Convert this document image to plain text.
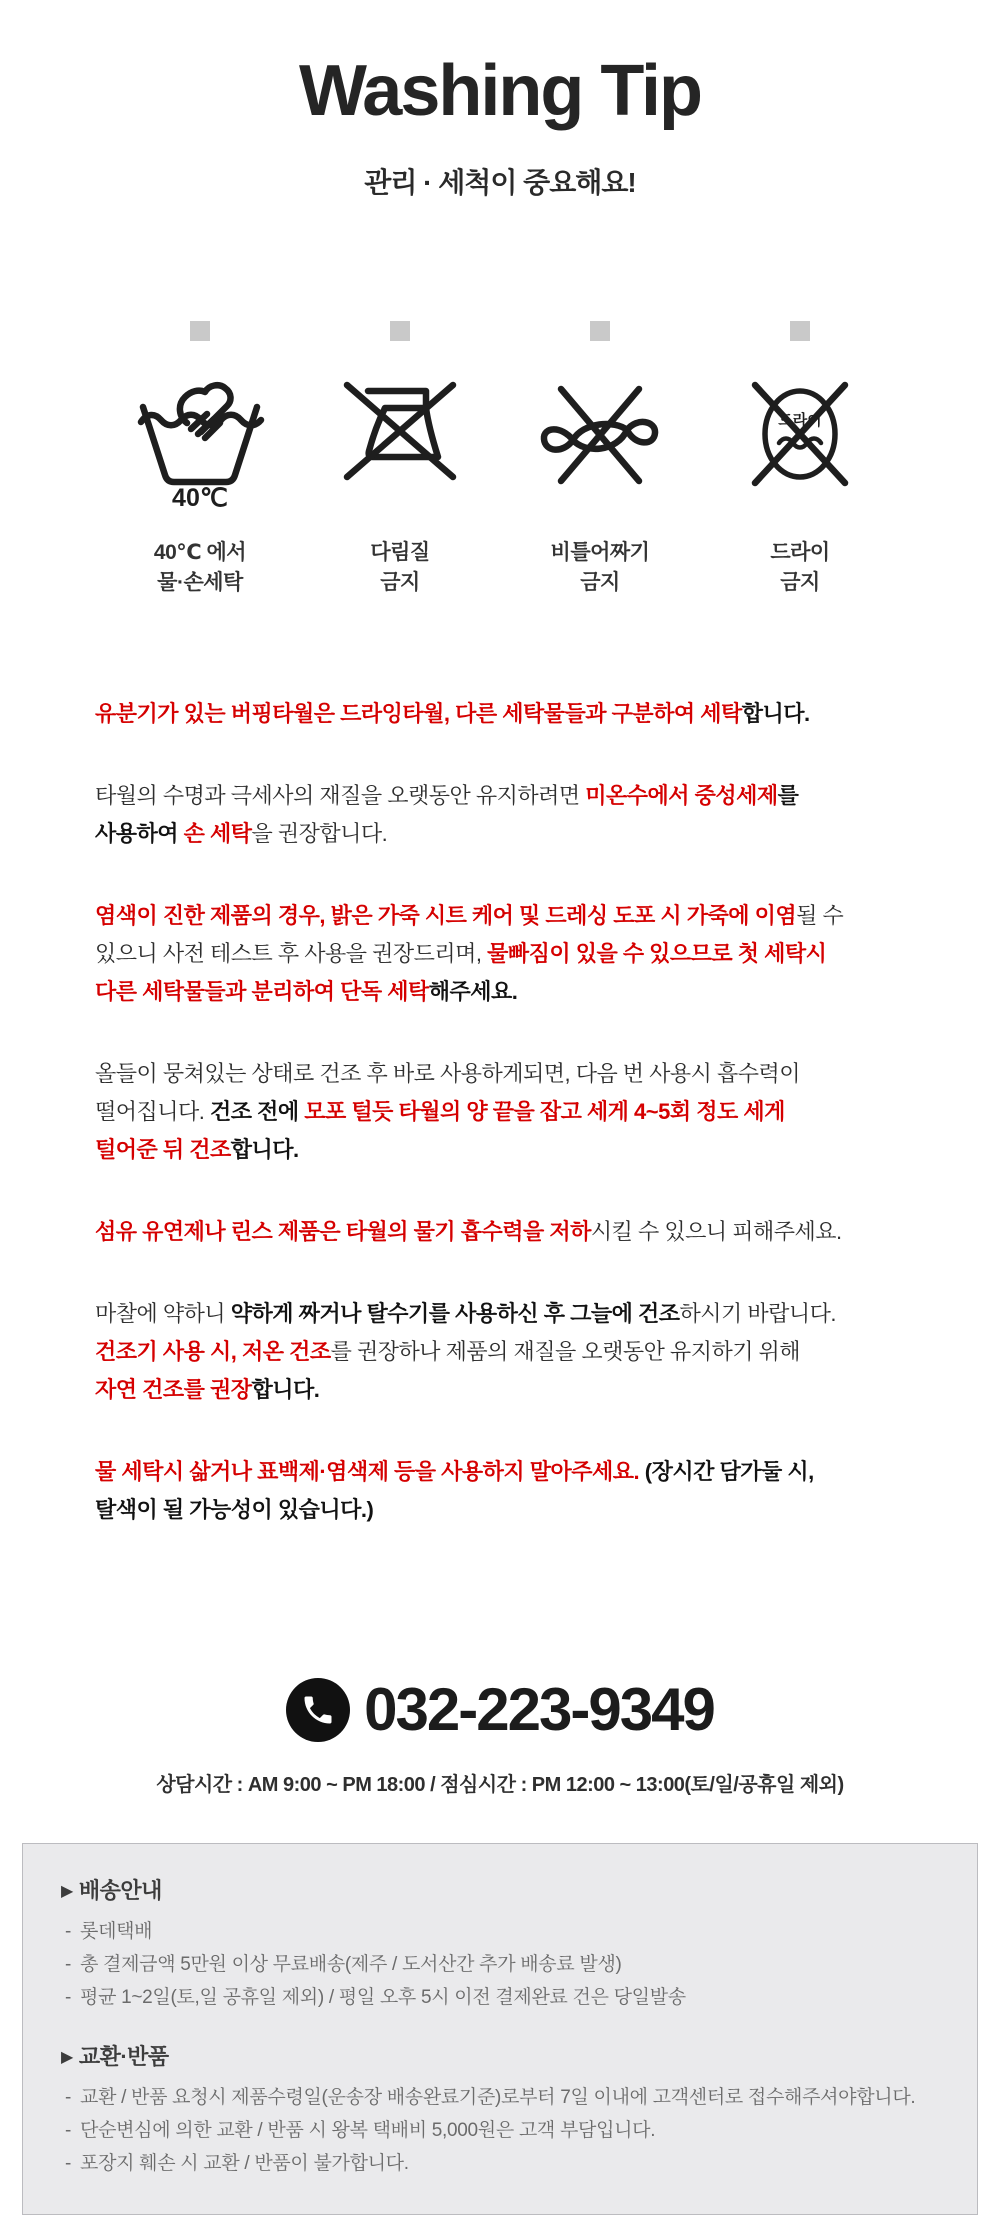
Washing Tip
관리 · 세척이 중요해요!
40℃
40℃ 에서
물·손세탁
다림질
금지
비틀어짜기
금지
드라이
드라이
금지
유분기가 있는 버핑타월은 드라잉타월, 다른 세탁물들과 구분하여 세탁합니다.
타월의 수명과 극세사의 재질을 오랫동안 유지하려면 미온수에서 중성세제를
사용하여 손 세탁을 권장합니다.
염색이 진한 제품의 경우, 밝은 가죽 시트 케어 및 드레싱 도포 시 가죽에 이염될 수
있으니 사전 테스트 후 사용을 권장드리며, 물빠짐이 있을 수 있으므로 첫 세탁시
다른 세탁물들과 분리하여 단독 세탁해주세요.
올들이 뭉쳐있는 상태로 건조 후 바로 사용하게되면, 다음 번 사용시 흡수력이
떨어집니다. 건조 전에 모포 털듯 타월의 양 끝을 잡고 세게 4~5회 정도 세게
털어준 뒤 건조합니다.
섬유 유연제나 린스 제품은 타월의 물기 흡수력을 저하시킬 수 있으니 피해주세요.
마찰에 약하니 약하게 짜거나 탈수기를 사용하신 후 그늘에 건조하시기 바랍니다.
건조기 사용 시, 저온 건조를 권장하나 제품의 재질을 오랫동안 유지하기 위해
자연 건조를 권장합니다.
물 세탁시 삶거나 표백제·염색제 등을 사용하지 말아주세요. (장시간 담가둘 시,
탈색이 될 가능성이 있습니다.)
032-223-9349
상담시간 : AM 9:00 ~ PM 18:00 / 점심시간 : PM 12:00 ~ 13:00(토/일/공휴일 제외)
▶ 배송안내
- 롯데택배
- 총 결제금액 5만원 이상 무료배송(제주 / 도서산간 추가 배송료 발생)
- 평균 1~2일(토,일 공휴일 제외) / 평일 오후 5시 이전 결제완료 건은 당일발송
▶ 교환·반품
- 교환 / 반품 요청시 제품수령일(운송장 배송완료기준)로부터 7일 이내에 고객센터로 접수해주셔야합니다.
- 단순변심에 의한 교환 / 반품 시 왕복 택배비 5,000원은 고객 부담입니다.
- 포장지 훼손 시 교환 / 반품이 불가합니다.
